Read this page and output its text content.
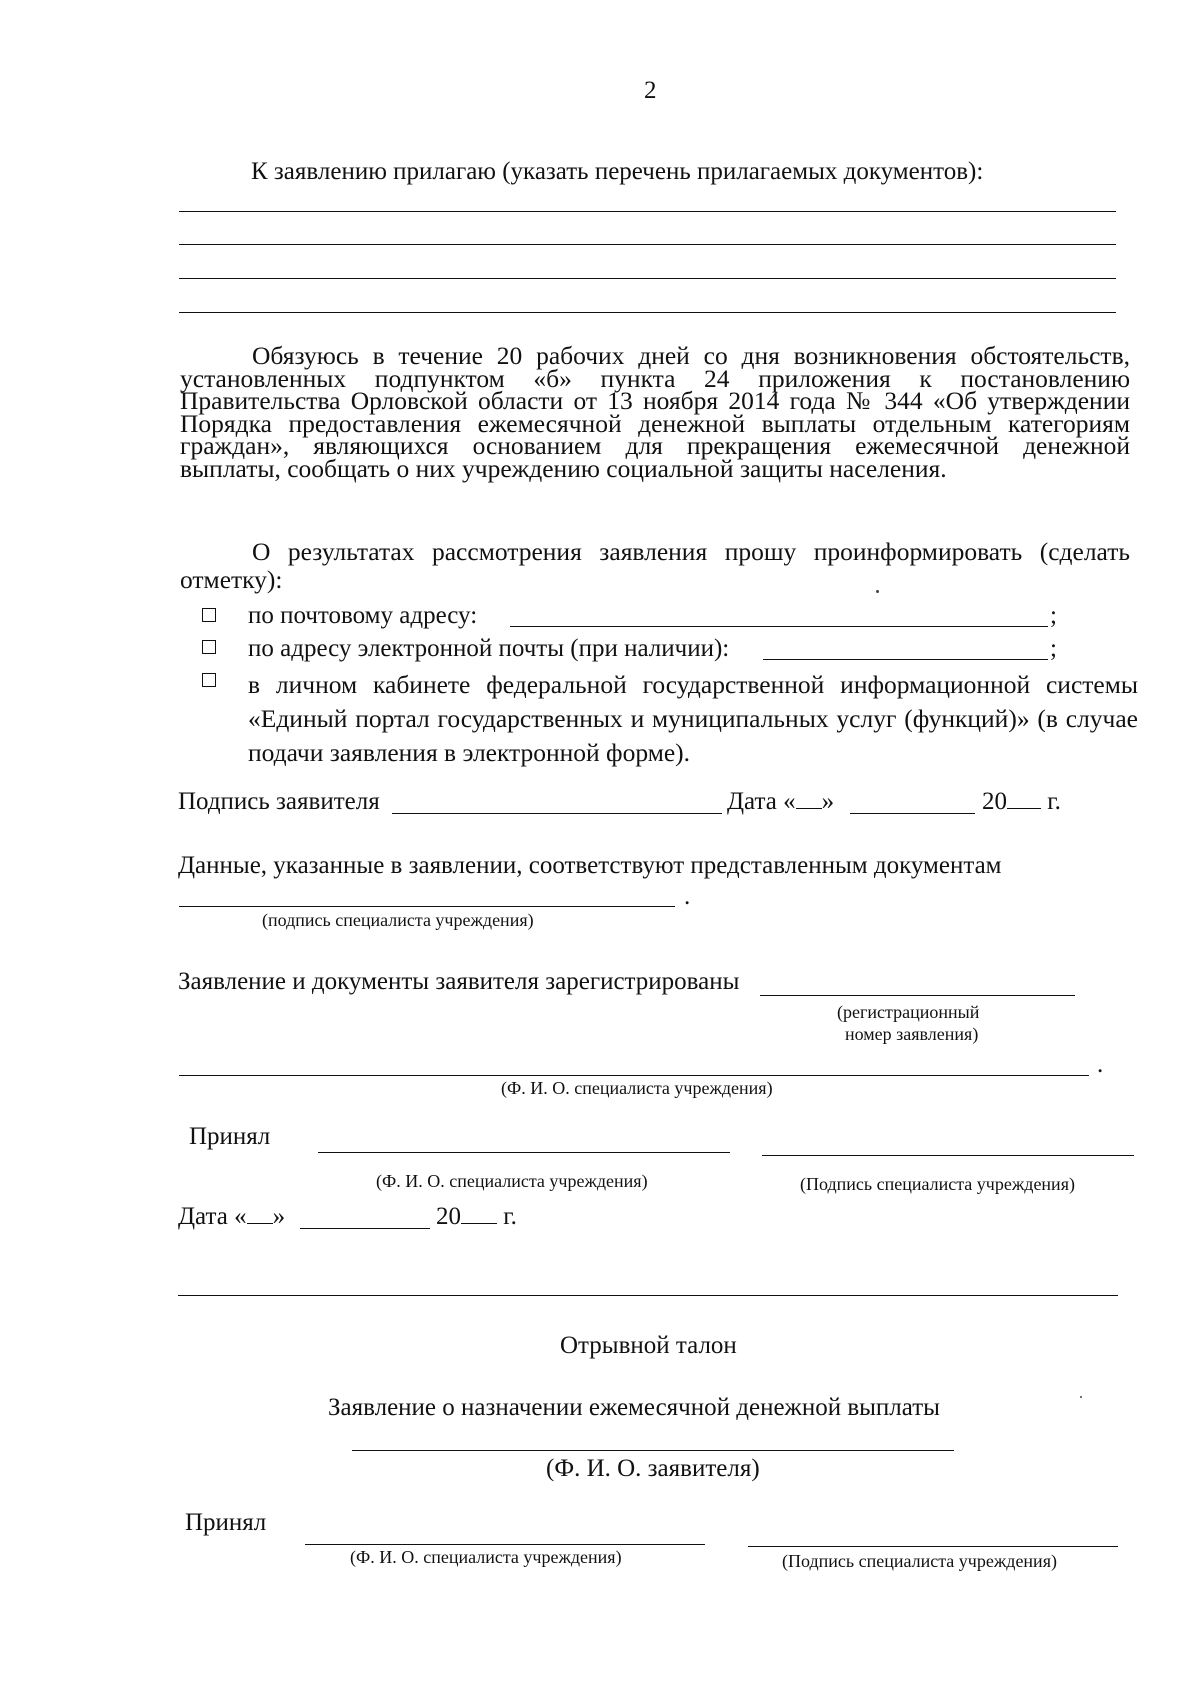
2
К заявлению прилагаю (указать перечень прилагаемых документов):
Обязуюсь в течение 20 рабочих дней со дня возникновения обстоятельств, установленных подпунктом «б» пункта 24 приложения к постановлению Правительства Орловской области от 13 ноября 2014 года № 344 «Об утверждении Порядка предоставления ежемесячной денежной выплаты отдельным категориям граждан», являющихся основанием для прекращения ежемесячной денежной выплаты, сообщать о них учреждению социальной защиты населения.
О результатах рассмотрения заявления прошу проинформировать (сделать отметку):
по почтовому адресу:	;
по адресу электронной почты (при наличии):	;
в личном кабинете федеральной государственной информационной системы «Единый портал государственных и муниципальных услуг (функций)» (в случае подачи заявления в электронной форме).
Подпись заявителя	Дата « »	20 г.
Данные, указанные в заявлении, соответствуют представленным документам
.
(подпись специалиста учреждения)
Заявление и документы заявителя зарегистрированы
(регистрационный
номер заявления)
.
(Ф. И. О. специалиста учреждения)
Принял
(Ф. И. О. специалиста учреждения)	(Подпись специалиста учреждения)
Дата « »	20 г.
Отрывной талон
Заявление о назначении ежемесячной денежной выплаты
(Ф. И. О. заявителя)
Принял
(Ф. И. О. специалиста учреждения)	(Подпись специалиста учреждения)
